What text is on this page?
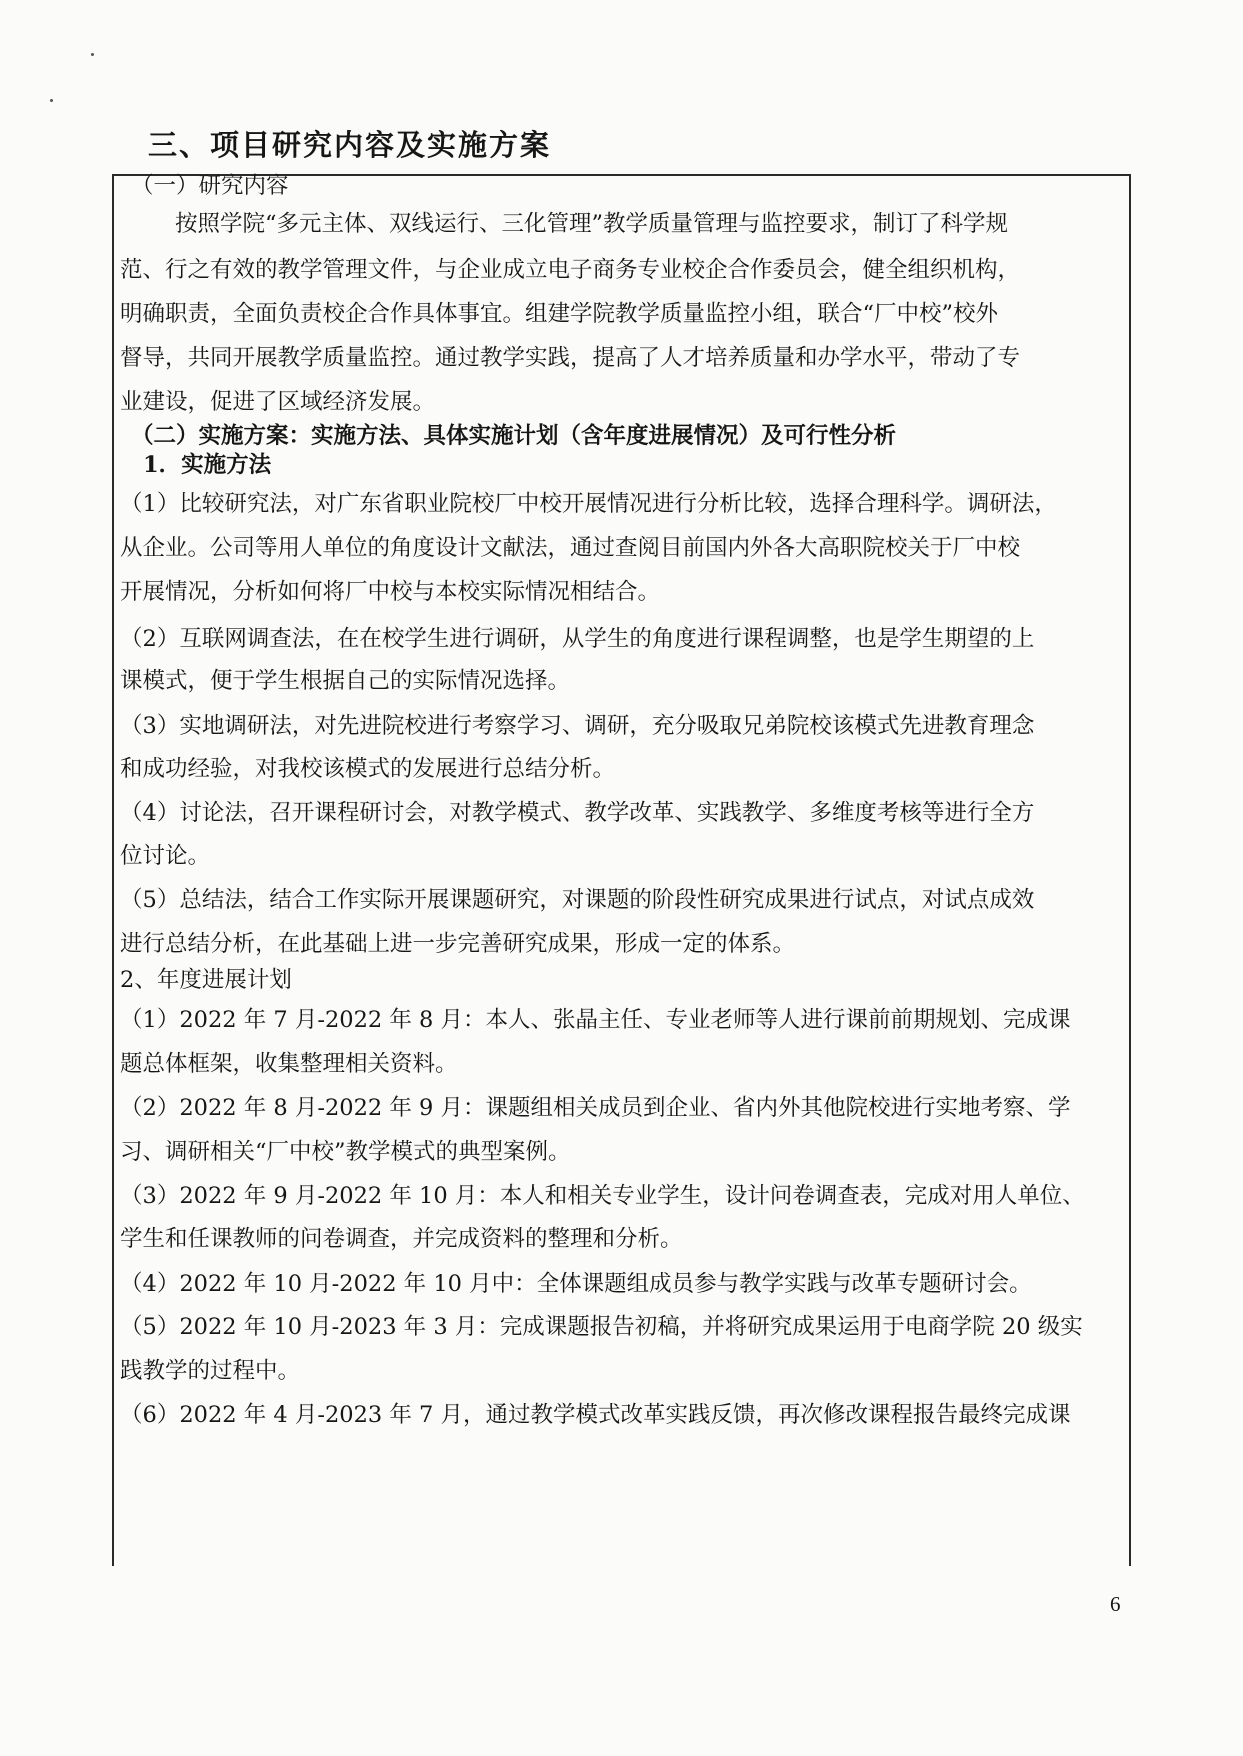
三、项目研究内容及实施方案

（一）研究内容

按照学院“多元主体、双线运行、三化管理”教学质量管理与监控要求，制订了科学规

范、行之有效的教学管理文件，与企业成立电子商务专业校企合作委员会，健全组织机构，

明确职责，全面负责校企合作具体事宜。组建学院教学质量监控小组，联合“厂中校”校外

督导，共同开展教学质量监控。通过教学实践，提高了人才培养质量和办学水平，带动了专

业建设，促进了区域经济发展。

（二）实施方案：实施方法、具体实施计划（含年度进展情况）及可行性分析

1．实施方法

（1）比较研究法，对广东省职业院校厂中校开展情况进行分析比较，选择合理科学。调研法，

从企业。公司等用人单位的角度设计文献法，通过查阅目前国内外各大高职院校关于厂中校

开展情况，分析如何将厂中校与本校实际情况相结合。

（2）互联网调查法，在在校学生进行调研，从学生的角度进行课程调整，也是学生期望的上

课模式，便于学生根据自己的实际情况选择。

（3）实地调研法，对先进院校进行考察学习、调研，充分吸取兄弟院校该模式先进教育理念

和成功经验，对我校该模式的发展进行总结分析。

（4）讨论法，召开课程研讨会，对教学模式、教学改革、实践教学、多维度考核等进行全方

位讨论。

（5）总结法，结合工作实际开展课题研究，对课题的阶段性研究成果进行试点，对试点成效

进行总结分析，在此基础上进一步完善研究成果，形成一定的体系。

2、年度进展计划

（1）2022 年 7 月-2022 年 8 月：本人、张晶主任、专业老师等人进行课前前期规划、完成课

题总体框架，收集整理相关资料。

（2）2022 年 8 月-2022 年 9 月：课题组相关成员到企业、省内外其他院校进行实地考察、学

习、调研相关“厂中校”教学模式的典型案例。

（3）2022 年 9 月-2022 年 10 月：本人和相关专业学生，设计问卷调查表，完成对用人单位、

学生和任课教师的问卷调查，并完成资料的整理和分析。

（4）2022 年 10 月-2022 年 10 月中：全体课题组成员参与教学实践与改革专题研讨会。

（5）2022 年 10 月-2023 年 3 月：完成课题报告初稿，并将研究成果运用于电商学院 20 级实

践教学的过程中。

（6）2022 年 4 月-2023 年 7 月，通过教学模式改革实践反馈，再次修改课程报告最终完成课

6
